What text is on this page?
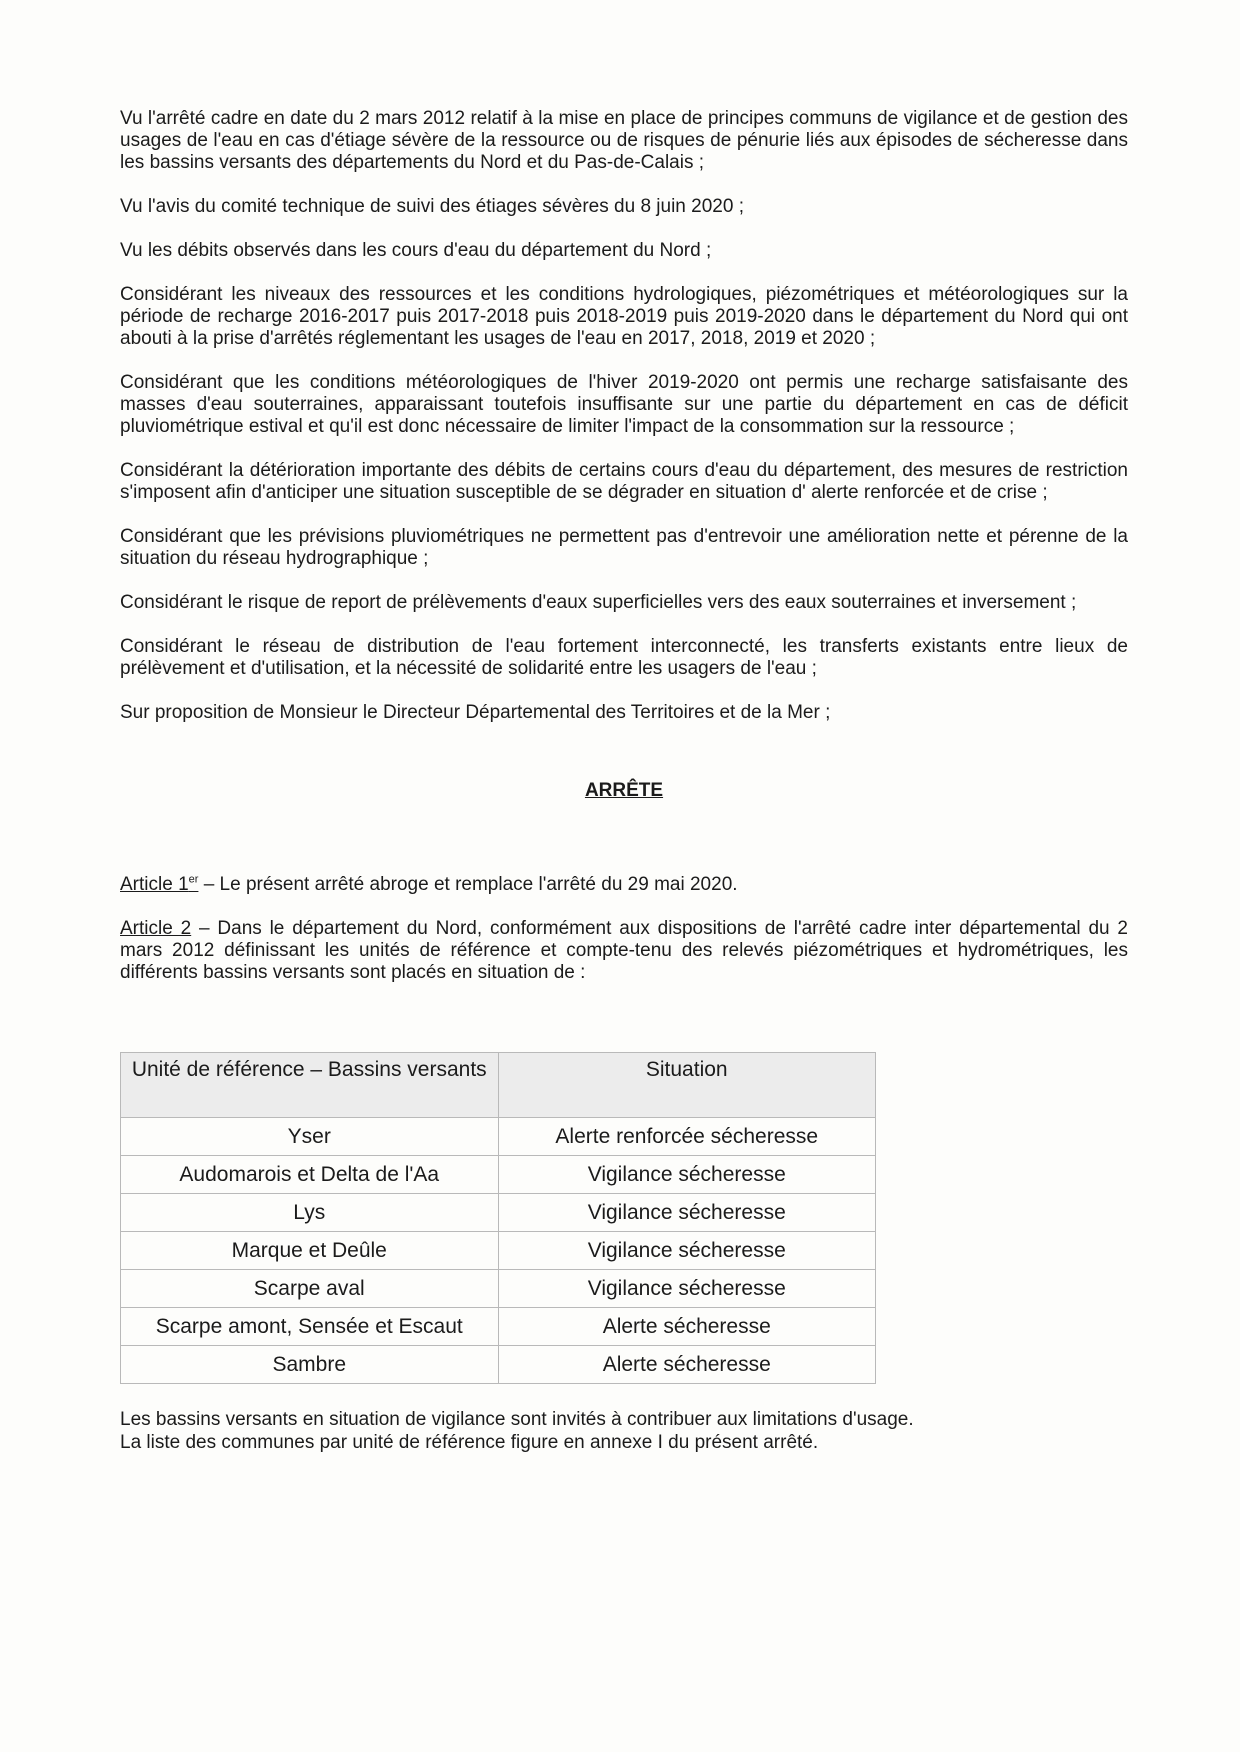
Vu l'arrêté cadre en date du 2 mars 2012 relatif à la mise en place de principes communs de vigilance et de gestion des usages de l'eau en cas d'étiage sévère de la ressource ou de risques de pénurie liés aux épisodes de sécheresse dans les bassins versants des départements du Nord et du Pas-de-Calais ;

Vu l'avis du comité technique de suivi des étiages sévères du 8 juin 2020 ;

Vu les débits observés dans les cours d'eau du département du Nord ;

Considérant les niveaux des ressources et les conditions hydrologiques, piézométriques et météorologiques sur la période de recharge 2016-2017 puis 2017-2018 puis 2018-2019 puis 2019-2020 dans le département du Nord qui ont abouti à la prise d'arrêtés réglementant les usages de l'eau en 2017, 2018, 2019 et 2020 ;

Considérant que les conditions météorologiques de l'hiver 2019-2020 ont permis une recharge satisfaisante des masses d'eau souterraines, apparaissant toutefois insuffisante sur une partie du département en cas de déficit pluviométrique estival et qu'il est donc nécessaire de limiter l'impact de la consommation sur la ressource ;

Considérant la détérioration importante des débits de certains cours d'eau du département, des mesures de restriction s'imposent afin d'anticiper une situation susceptible de se dégrader en situation d' alerte renforcée et de crise ;

Considérant que les prévisions pluviométriques ne permettent pas d'entrevoir une amélioration nette et pérenne de la situation du réseau hydrographique ;

Considérant le risque de report de prélèvements d'eaux superficielles vers des eaux souterraines et inversement ;

Considérant le réseau de distribution de l'eau fortement interconnecté, les transferts existants entre lieux de prélèvement et d'utilisation, et la nécessité de solidarité entre les usagers de l'eau ;

Sur proposition de Monsieur le Directeur Départemental des Territoires et de la Mer ;

ARRÊTE

Article 1er – Le présent arrêté abroge et remplace l'arrêté du 29 mai 2020.

Article 2 – Dans le département du Nord, conformément aux dispositions de l'arrêté cadre inter départemental du 2 mars 2012 définissant les unités de référence et compte-tenu des relevés piézométriques et hydrométriques, les différents bassins versants sont placés en situation de :

Unité de référence – Bassins versants	Situation
Yser	Alerte renforcée sécheresse
Audomarois et Delta de l'Aa	Vigilance sécheresse
Lys	Vigilance sécheresse
Marque et Deûle	Vigilance sécheresse
Scarpe aval	Vigilance sécheresse
Scarpe amont, Sensée et Escaut	Alerte sécheresse
Sambre	Alerte sécheresse
Les bassins versants en situation de vigilance sont invités à contribuer aux limitations d'usage.
La liste des communes par unité de référence figure en annexe I du présent arrêté.
